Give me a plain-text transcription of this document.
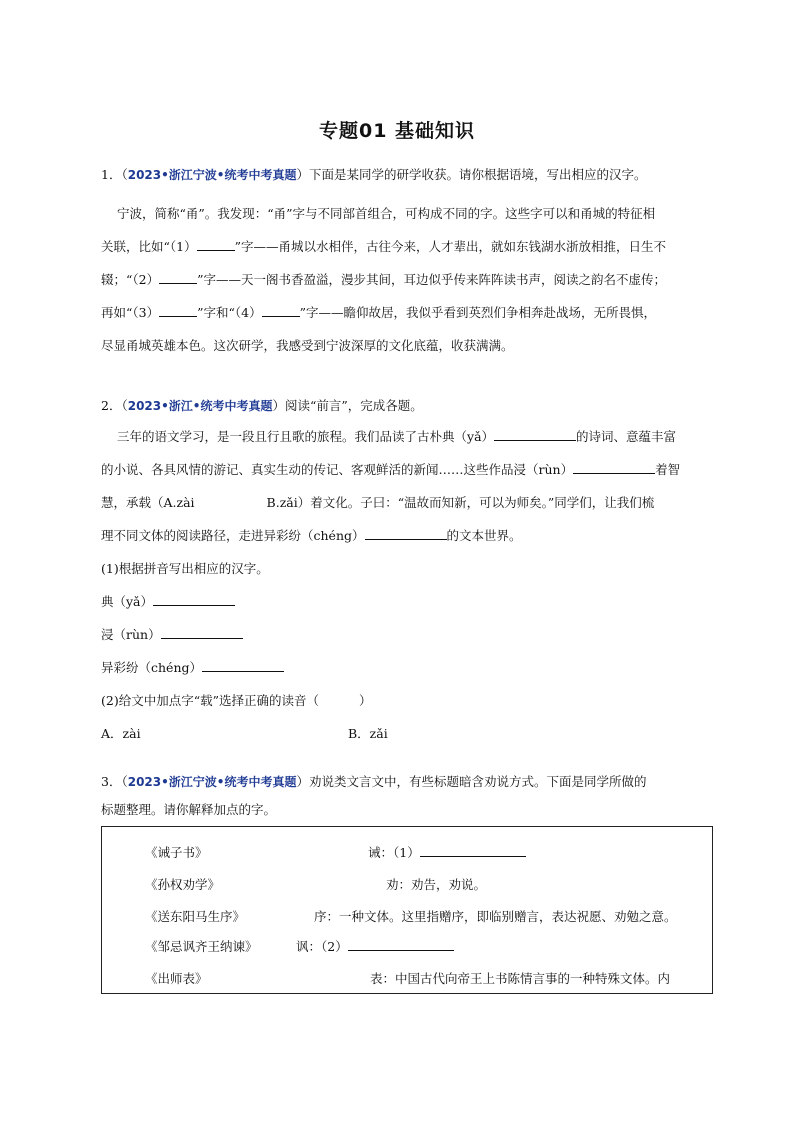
专题01 基础知识
1．（2023•浙江宁波•统考中考真题）下面是某同学的研学收获。请你根据语境，写出相应的汉字。
宁波，简称“甬”。我发现：“甬”字与不同部首组合，可构成不同的字。这些字可以和甬城的特征相
关联，比如“（1）	”字——甬城以水相伴，古往今来，人才辈出，就如东钱湖水浙放相推，日生不
辍；“（2）	”字——天一阁书香盈溢，漫步其间，耳边似乎传来阵阵读书声，阅读之韵名不虚传；
再如“（3）	”字和“（4）	”字——瞻仰故居，我似乎看到英烈们争相奔赴战场，无所畏惧，
尽显甬城英雄本色。这次研学，我感受到宁波深厚的文化底蕴，收获满满。
2．（2023•浙江•统考中考真题）阅读“前言”，完成各题。
三年的语文学习，是一段且行且歌的旅程。我们品读了古朴典（yǎ）	的诗词、意蕴丰富
的小说、各具风情的游记、真实生动的传记、客观鲜活的新闻……这些作品浸（rùn）	着智
慧，承载（A.zài	B.zǎi）着文化。子曰：“温故而知新，可以为师矣。”同学们，让我们梳
理不同文体的阅读路径，走进异彩纷（chéng）	的文本世界。
(1)根据拼音写出相应的汉字。
典（yǎ）
浸（rùn）
异彩纷（chéng）
(2)给文中加点字“载”选择正确的读音（	）
A．zài	B．zǎi
3．（2023•浙江宁波•统考中考真题）劝说类文言文中，有些标题暗含劝说方式。下面是同学所做的
标题整理。请你解释加点的字。
《诫子书》	诫：（1）
《孙权劝学》	劝：劝告，劝说。
《送东阳马生序》	序：一种文体。这里指赠序，即临别赠言，表达祝愿、劝勉之意。
《邹忌讽齐王纳谏》	讽：（2）
《出师表》	表：中国古代向帝王上书陈情言事的一种特殊文体。内
